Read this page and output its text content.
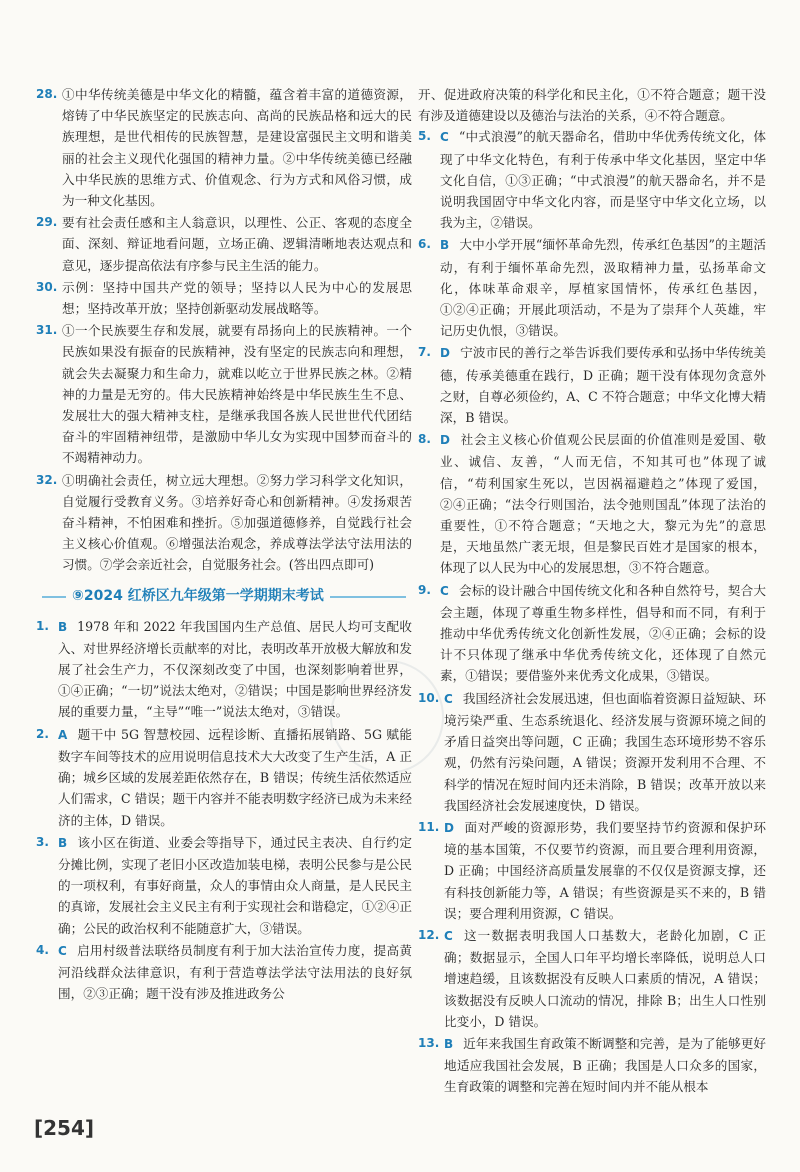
28. ①中华传统美德是中华文化的精髓，蕴含着丰富的道德资源，熔铸了中华民族坚定的民族志向、高尚的民族品格和远大的民族理想，是世代相传的民族智慧，是建设富强民主文明和谐美丽的社会主义现代化强国的精神力量。②中华传统美德已经融入中华民族的思维方式、价值观念、行为方式和风俗习惯，成为一种文化基因。
29. 要有社会责任感和主人翁意识，以理性、公正、客观的态度全面、深刻、辩证地看问题，立场正确、逻辑清晰地表达观点和意见，逐步提高依法有序参与民主生活的能力。
30. 示例：坚持中国共产党的领导；坚持以人民为中心的发展思想；坚持改革开放；坚持创新驱动发展战略等。
31. ①一个民族要生存和发展，就要有昂扬向上的民族精神。一个民族如果没有振奋的民族精神，没有坚定的民族志向和理想，就会失去凝聚力和生命力，就难以屹立于世界民族之林。②精神的力量是无穷的。伟大民族精神始终是中华民族生生不息、发展壮大的强大精神支柱，是继承我国各族人民世世代代团结奋斗的牢固精神纽带，是激励中华儿女为实现中国梦而奋斗的不竭精神动力。
32. ①明确社会责任，树立远大理想。②努力学习科学文化知识，自觉履行受教育义务。③培养好奇心和创新精神。④发扬艰苦奋斗精神，不怕困难和挫折。⑤加强道德修养，自觉践行社会主义核心价值观。⑥增强法治观念，养成尊法学法守法用法的习惯。⑦学会亲近社会，自觉服务社会。(答出四点即可)
⑨2024 红桥区九年级第一学期期末考试
1. B 1978 年和 2022 年我国国内生产总值、居民人均可支配收入、对世界经济增长贡献率的对比，表明改革开放极大解放和发展了社会生产力，不仅深刻改变了中国，也深刻影响着世界，①④正确；“一切”说法太绝对，②错误；中国是影响世界经济发展的重要力量，“主导”“唯一”说法太绝对，③错误。
2. A 题干中 5G 智慧校园、远程诊断、直播拓展销路、5G 赋能数字车间等技术的应用说明信息技术大大改变了生产生活，A 正确；城乡区域的发展差距依然存在，B 错误；传统生活依然适应人们需求，C 错误；题干内容并不能表明数字经济已成为未来经济的主体，D 错误。
3. B 该小区在街道、业委会等指导下，通过民主表决、自行约定分摊比例，实现了老旧小区改造加装电梯，表明公民参与是公民的一项权利，有事好商量，众人的事情由众人商量，是人民民主的真谛，发展社会主义民主有利于实现社会和谐稳定，①②④正确；公民的政治权利不能随意扩大，③错误。
4. C 启用村级普法联络员制度有利于加大法治宣传力度，提高黄河沿线群众法律意识，有利于营造尊法学法守法用法的良好氛围，②③正确；题干没有涉及推进政务公
开、促进政府决策的科学化和民主化，①不符合题意；题干没有涉及道德建设以及德治与法治的关系，④不符合题意。
5. C “中式浪漫”的航天器命名，借助中华优秀传统文化，体现了中华文化特色，有利于传承中华文化基因，坚定中华文化自信，①③正确；“中式浪漫”的航天器命名，并不是说明我国固守中华文化内容，而是坚守中华文化立场，以我为主，②错误。
6. B 大中小学开展“缅怀革命先烈，传承红色基因”的主题活动，有利于缅怀革命先烈，汲取精神力量，弘扬革命文化，体味革命艰辛，厚植家国情怀，传承红色基因，①②④正确；开展此项活动，不是为了崇拜个人英雄，牢记历史仇恨，③错误。
7. D 宁波市民的善行之举告诉我们要传承和弘扬中华传统美德，传承美德重在践行，D 正确；题干没有体现勿贪意外之财，自尊必须俭约，A、C 不符合题意；中华文化博大精深，B 错误。
8. D 社会主义核心价值观公民层面的价值准则是爱国、敬业、诚信、友善，“人而无信，不知其可也”体现了诚信，“苟利国家生死以，岂因祸福避趋之”体现了爱国，②④正确；“法令行则国治，法令弛则国乱”体现了法治的重要性，①不符合题意；“天地之大，黎元为先”的意思是，天地虽然广袤无垠，但是黎民百姓才是国家的根本，体现了以人民为中心的发展思想，③不符合题意。
9. C 会标的设计融合中国传统文化和各种自然符号，契合大会主题，体现了尊重生物多样性，倡导和而不同，有利于推动中华优秀传统文化创新性发展，②④正确；会标的设计不只体现了继承中华优秀传统文化，还体现了自然元素，①错误；要借鉴外来优秀文化成果，③错误。
10. C 我国经济社会发展迅速，但也面临着资源日益短缺、环境污染严重、生态系统退化、经济发展与资源环境之间的矛盾日益突出等问题，C 正确；我国生态环境形势不容乐观，仍然有污染问题，A 错误；资源开发利用不合理、不科学的情况在短时间内还未消除，B 错误；改革开放以来我国经济社会发展速度快，D 错误。
11. D 面对严峻的资源形势，我们要坚持节约资源和保护环境的基本国策，不仅要节约资源，而且要合理利用资源，D 正确；中国经济高质量发展靠的不仅仅是资源支撑，还有科技创新能力等，A 错误；有些资源是买不来的，B 错误；要合理利用资源，C 错误。
12. C 这一数据表明我国人口基数大，老龄化加剧，C 正确；数据显示，全国人口年平均增长率降低，说明总人口增速趋缓，且该数据没有反映人口素质的情况，A 错误；该数据没有反映人口流动的情况，排除 B；出生人口性别比变小，D 错误。
13. B 近年来我国生育政策不断调整和完善，是为了能够更好地适应我国社会发展，B 正确；我国是人口众多的国家，生育政策的调整和完善在短时间内并不能从根本
[254]
